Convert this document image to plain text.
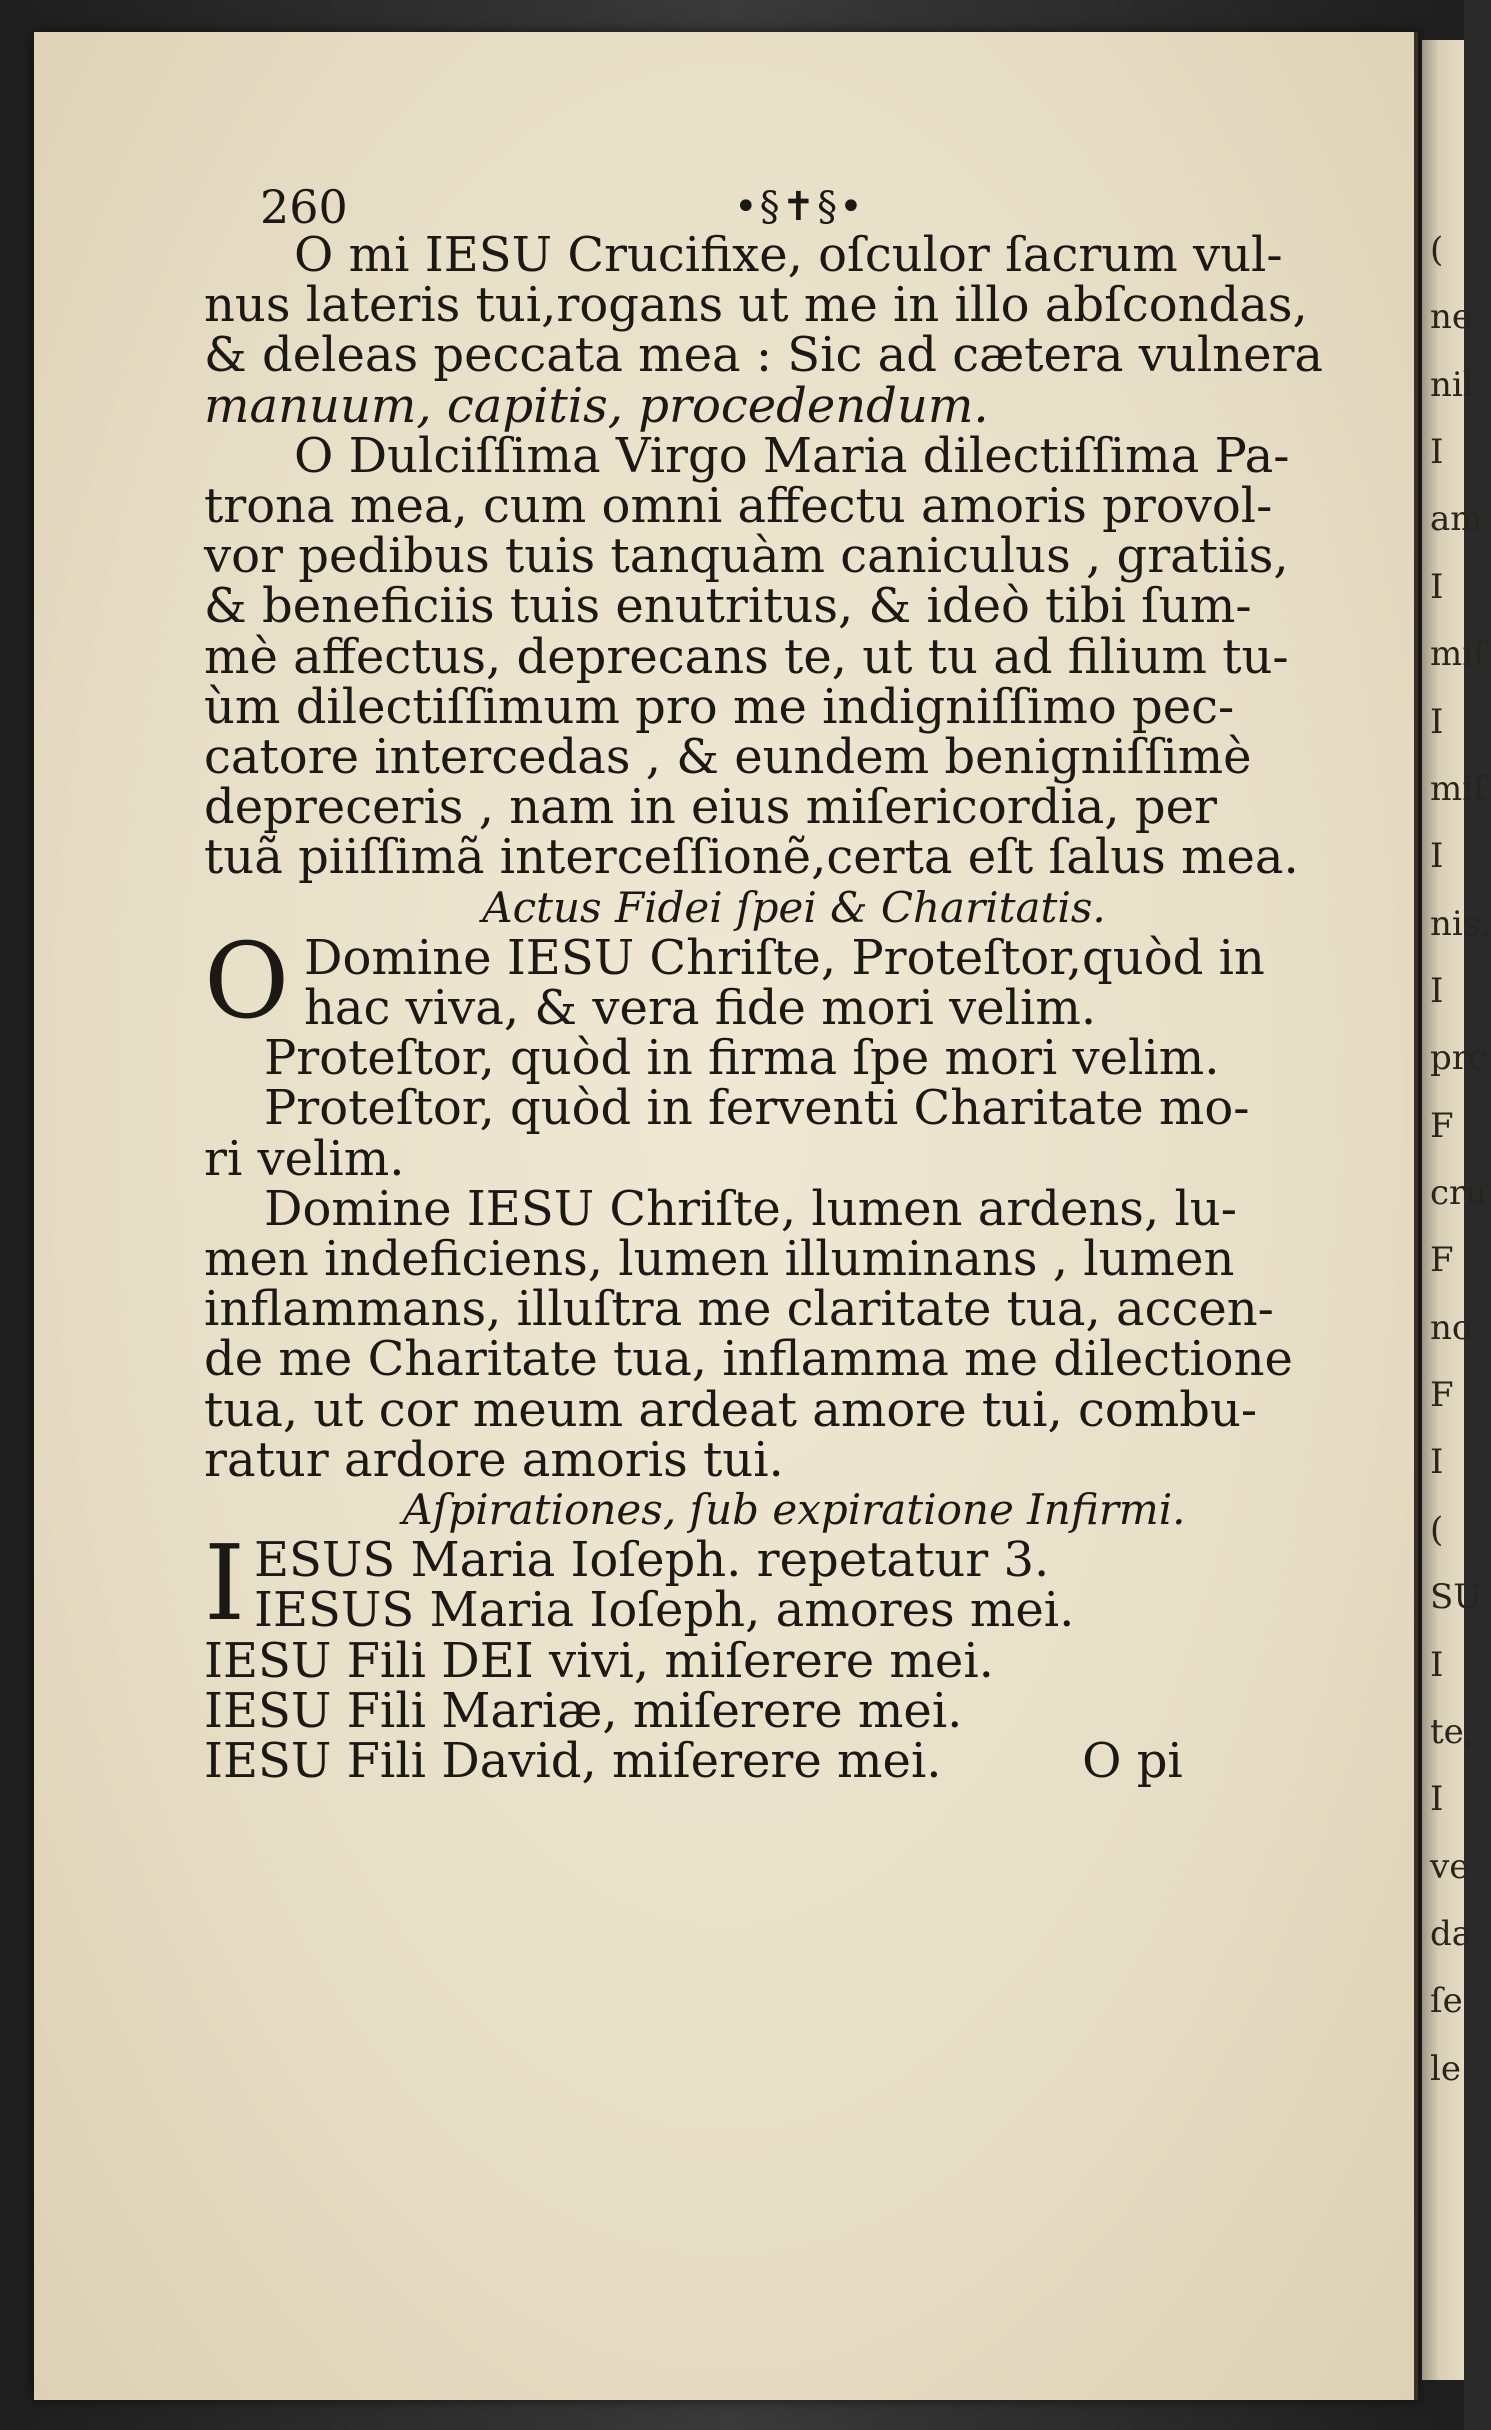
260	•§✝§•
O mi IESU Crucifixe, oſculor ſacrum vul-
nus lateris tui,rogans ut me in illo abſcondas,
& deleas peccata mea : Sic ad cætera vulnera
manuum, capitis, procedendum.
O Dulciſſima Virgo Maria dilectiſſima Pa-
trona mea, cum omni affectu amoris provol-
vor pedibus tuis tanquàm caniculus , gratiis,
& beneficiis tuis enutritus, & ideò tibi ſum-
mè affectus, deprecans te, ut tu ad filium tu-
ùm dilectiſſimum pro me indigniſſimo pec-
catore intercedas , & eundem benigniſſimè
depreceris , nam in eius miſericordia, per
tuã piiſſimã interceſſionẽ,certa eſt ſalus mea.
Actus Fidei ſpei & Charitatis.
O Domine IESU Chriſte, Proteſtor,quòd in
hac viva, & vera fide mori velim.
Proteſtor, quòd in firma ſpe mori velim.
Proteſtor, quòd in ferventi Charitate mo-
ri velim.
Domine IESU Chriſte, lumen ardens, lu-
men indeficiens, lumen illuminans , lumen
inflammans, illuſtra me claritate tua, accen-
de me Charitate tua, inflamma me dilectione
tua, ut cor meum ardeat amore tui, combu-
ratur ardore amoris tui.
Aſpirationes, ſub expiratione Infirmi.
I ESUS Maria Ioſeph. repetatur 3.
IESUS Maria Ioſeph, amores mei.
IESU Fili DEI vivi, miſerere mei.
IESU Fili Mariæ, miſerere mei.
IESU Fili David, miſerere mei.	O pi
(
ne
nil
I
am
I
miſ
I
miſ
I
nis.
I
prc
F
cru
F
no
F
I
(
SU
I
te,
I
ve
da
ſe
le
